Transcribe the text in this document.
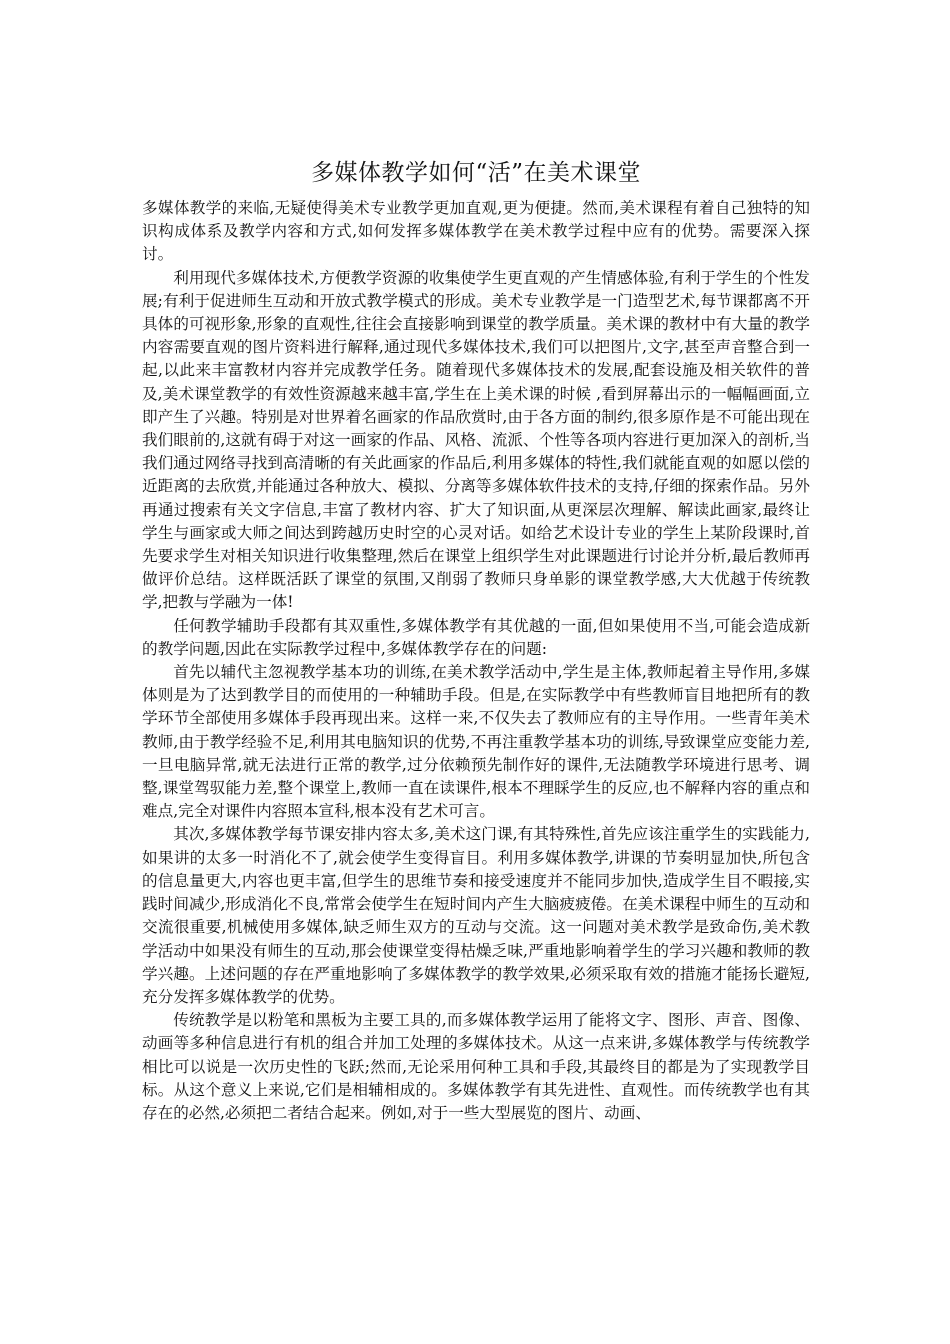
多媒体教学如何“活”在美术课堂

多媒体教学的来临,无疑使得美术专业教学更加直观,更为便捷。然而,美术课程有着自己独特的知识构成体系及教学内容和方式,如何发挥多媒体教学在美术教学过程中应有的优势。需要深入探讨。

利用现代多媒体技术,方便教学资源的收集使学生更直观的产生情感体验,有利于学生的个性发展;有利于促进师生互动和开放式教学模式的形成。美术专业教学是一门造型艺术,每节课都离不开具体的可视形象,形象的直观性,往往会直接影响到课堂的教学质量。美术课的教材中有大量的教学内容需要直观的图片资料进行解释,通过现代多媒体技术,我们可以把图片,文字,甚至声音整合到一起,以此来丰富教材内容并完成教学任务。随着现代多媒体技术的发展,配套设施及相关软件的普及,美术课堂教学的有效性资源越来越丰富,学生在上美术课的时候 ,看到屏幕出示的一幅幅画面,立即产生了兴趣。特别是对世界着名画家的作品欣赏时,由于各方面的制约,很多原作是不可能出现在我们眼前的,这就有碍于对这一画家的作品、风格、流派、个性等各项内容进行更加深入的剖析,当我们通过网络寻找到高清晰的有关此画家的作品后,利用多媒体的特性,我们就能直观的如愿以偿的近距离的去欣赏,并能通过各种放大、模拟、分离等多媒体软件技术的支持,仔细的探索作品。另外再通过搜索有关文字信息,丰富了教材内容、扩大了知识面,从更深层次理解、解读此画家,最终让学生与画家或大师之间达到跨越历史时空的心灵对话。如给艺术设计专业的学生上某阶段课时,首先要求学生对相关知识进行收集整理,然后在课堂上组织学生对此课题进行讨论并分析,最后教师再做评价总结。这样既活跃了课堂的氛围,又削弱了教师只身单影的课堂教学感,大大优越于传统教学,把教与学融为一体!

任何教学辅助手段都有其双重性,多媒体教学有其优越的一面,但如果使用不当,可能会造成新的教学问题,因此在实际教学过程中,多媒体教学存在的问题:

首先以辅代主忽视教学基本功的训练,在美术教学活动中,学生是主体,教师起着主导作用,多媒体则是为了达到教学目的而使用的一种辅助手段。但是,在实际教学中有些教师盲目地把所有的教学环节全部使用多媒体手段再现出来。这样一来,不仅失去了教师应有的主导作用。一些青年美术教师,由于教学经验不足,利用其电脑知识的优势,不再注重教学基本功的训练,导致课堂应变能力差,一旦电脑异常,就无法进行正常的教学,过分依赖预先制作好的课件,无法随教学环境进行思考、调整,课堂驾驭能力差,整个课堂上,教师一直在读课件,根本不理睬学生的反应,也不解释内容的重点和难点,完全对课件内容照本宣科,根本没有艺术可言。

其次,多媒体教学每节课安排内容太多,美术这门课,有其特殊性,首先应该注重学生的实践能力,如果讲的太多一时消化不了,就会使学生变得盲目。利用多媒体教学,讲课的节奏明显加快,所包含的信息量更大,内容也更丰富,但学生的思维节奏和接受速度并不能同步加快,造成学生目不暇接,实践时间减少,形成消化不良,常常会使学生在短时间内产生大脑疲疲倦。在美术课程中师生的互动和交流很重要,机械使用多媒体,缺乏师生双方的互动与交流。这一问题对美术教学是致命伤,美术教学活动中如果没有师生的互动,那会使课堂变得枯燥乏味,严重地影响着学生的学习兴趣和教师的教学兴趣。上述问题的存在严重地影响了多媒体教学的教学效果,必须采取有效的措施才能扬长避短,充分发挥多媒体教学的优势。

传统教学是以粉笔和黑板为主要工具的,而多媒体教学运用了能将文字、图形、声音、图像、动画等多种信息进行有机的组合并加工处理的多媒体技术。从这一点来讲,多媒体教学与传统教学相比可以说是一次历史性的飞跃;然而,无论采用何种工具和手段,其最终目的都是为了实现教学目标。从这个意义上来说,它们是相辅相成的。多媒体教学有其先进性、直观性。而传统教学也有其存在的必然,必须把二者结合起来。例如,对于一些大型展览的图片、动画、
